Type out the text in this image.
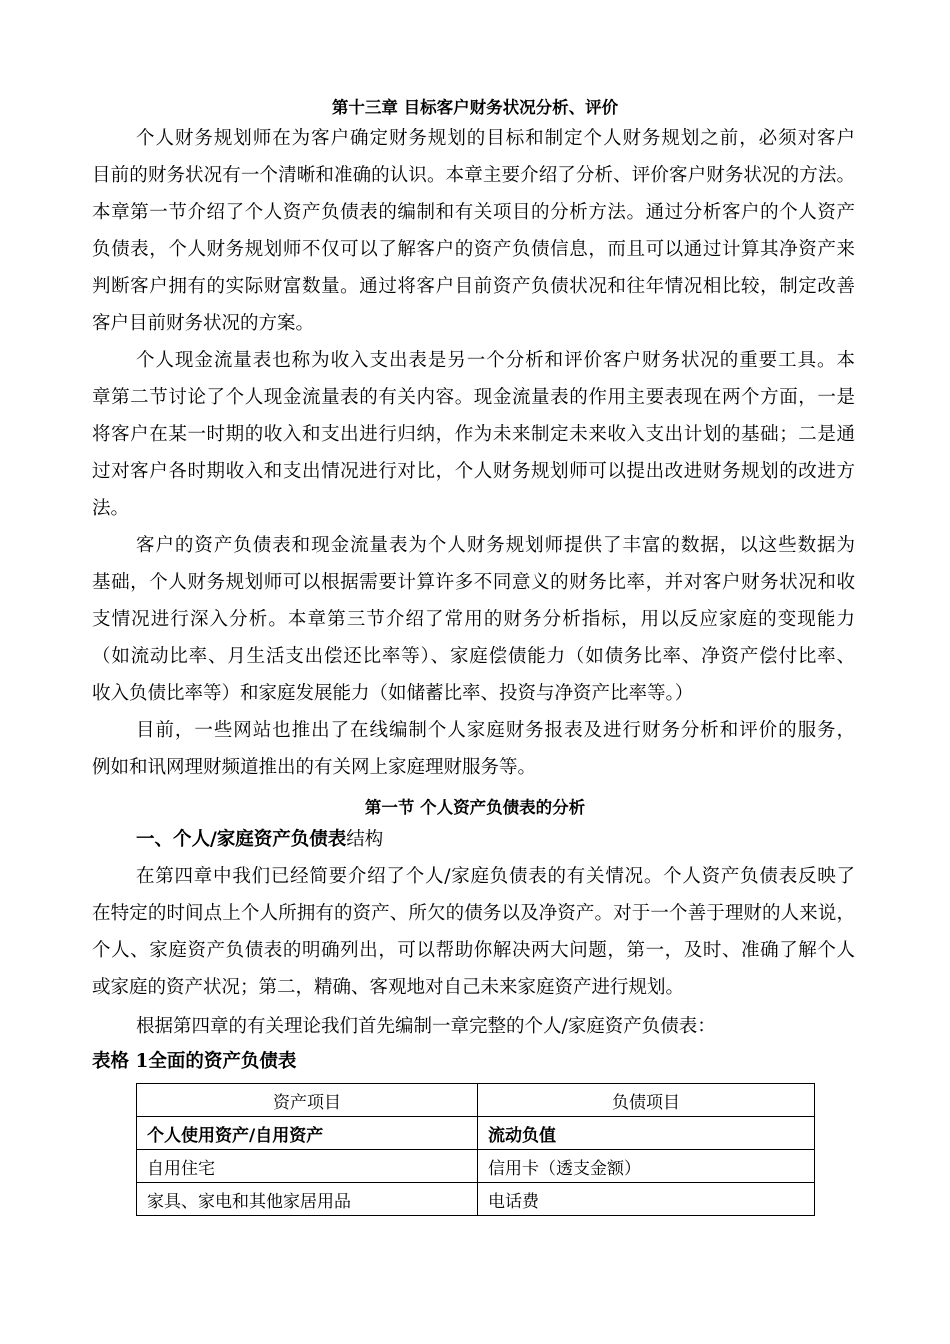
第十三章 目标客户财务状况分析、评价
个人财务规划师在为客户确定财务规划的目标和制定个人财务规划之前，必须对客户
目前的财务状况有一个清晰和准确的认识。本章主要介绍了分析、评价客户财务状况的方法。
本章第一节介绍了个人资产负债表的编制和有关项目的分析方法。通过分析客户的个人资产
负债表，个人财务规划师不仅可以了解客户的资产负债信息，而且可以通过计算其净资产来
判断客户拥有的实际财富数量。通过将客户目前资产负债状况和往年情况相比较，制定改善
客户目前财务状况的方案。
个人现金流量表也称为收入支出表是另一个分析和评价客户财务状况的重要工具。本
章第二节讨论了个人现金流量表的有关内容。现金流量表的作用主要表现在两个方面，一是
将客户在某一时期的收入和支出进行归纳，作为未来制定未来收入支出计划的基础；二是通
过对客户各时期收入和支出情况进行对比，个人财务规划师可以提出改进财务规划的改进方
法。
客户的资产负债表和现金流量表为个人财务规划师提供了丰富的数据，以这些数据为
基础，个人财务规划师可以根据需要计算许多不同意义的财务比率，并对客户财务状况和收
支情况进行深入分析。本章第三节介绍了常用的财务分析指标，用以反应家庭的变现能力
（如流动比率、月生活支出偿还比率等）、家庭偿债能力（如债务比率、净资产偿付比率、
收入负债比率等）和家庭发展能力（如储蓄比率、投资与净资产比率等。）
目前，一些网站也推出了在线编制个人家庭财务报表及进行财务分析和评价的服务，
例如和讯网理财频道推出的有关网上家庭理财服务等。
第一节 个人资产负债表的分析
一、个人/家庭资产负债表结构
在第四章中我们已经简要介绍了个人/家庭负债表的有关情况。个人资产负债表反映了
在特定的时间点上个人所拥有的资产、所欠的债务以及净资产。对于一个善于理财的人来说，
个人、家庭资产负债表的明确列出，可以帮助你解决两大问题，第一，及时、准确了解个人
或家庭的资产状况；第二，精确、客观地对自己未来家庭资产进行规划。
根据第四章的有关理论我们首先编制一章完整的个人/家庭资产负债表：
表格 1全面的资产负债表
资产项目	负债项目
个人使用资产/自用资产	流动负值
自用住宅	信用卡（透支金额）
家具、家电和其他家居用品	电话费
